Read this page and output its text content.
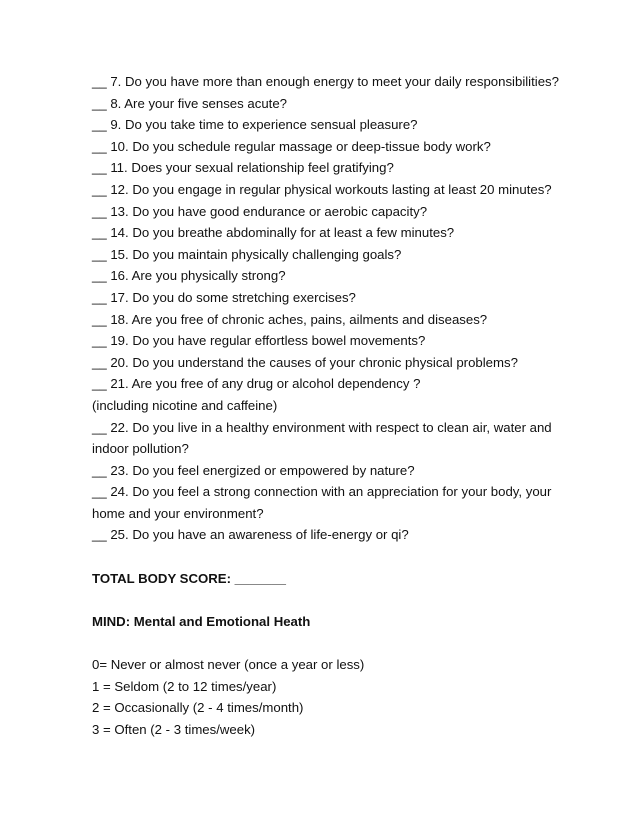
__ 7. Do you have more than enough energy to meet your daily responsibilities?

__ 8. Are your five senses acute?

__ 9. Do you take time to experience sensual pleasure?

__ 10. Do you schedule regular massage or deep-tissue body work?

__ 11. Does your sexual relationship feel gratifying?

__ 12. Do you engage in regular physical workouts lasting at least 20 minutes?

__ 13. Do you have good endurance or aerobic capacity?

__ 14. Do you breathe abdominally for at least a few minutes?

__ 15. Do you maintain physically challenging goals?

__ 16. Are you physically strong?

__ 17. Do you do some stretching exercises?

__ 18. Are you free of chronic aches, pains, ailments and diseases?

__ 19. Do you have regular effortless bowel movements?

__ 20. Do you understand the causes of your chronic physical problems?

__ 21. Are you free of any drug or alcohol dependency ?

(including nicotine and caffeine)

__ 22. Do you live in a healthy environment with respect to clean air, water and

indoor pollution?

__ 23. Do you feel energized or empowered by nature?

__ 24. Do you feel a strong connection with an appreciation for your body, your

home and your environment?

__ 25. Do you have an awareness of life-energy or qi?

TOTAL BODY SCORE: _______

MIND: Mental and Emotional Heath

0= Never or almost never (once a year or less)

1 = Seldom (2 to 12 times/year)

2 = Occasionally (2 - 4 times/month)

3 = Often (2 - 3 times/week)
